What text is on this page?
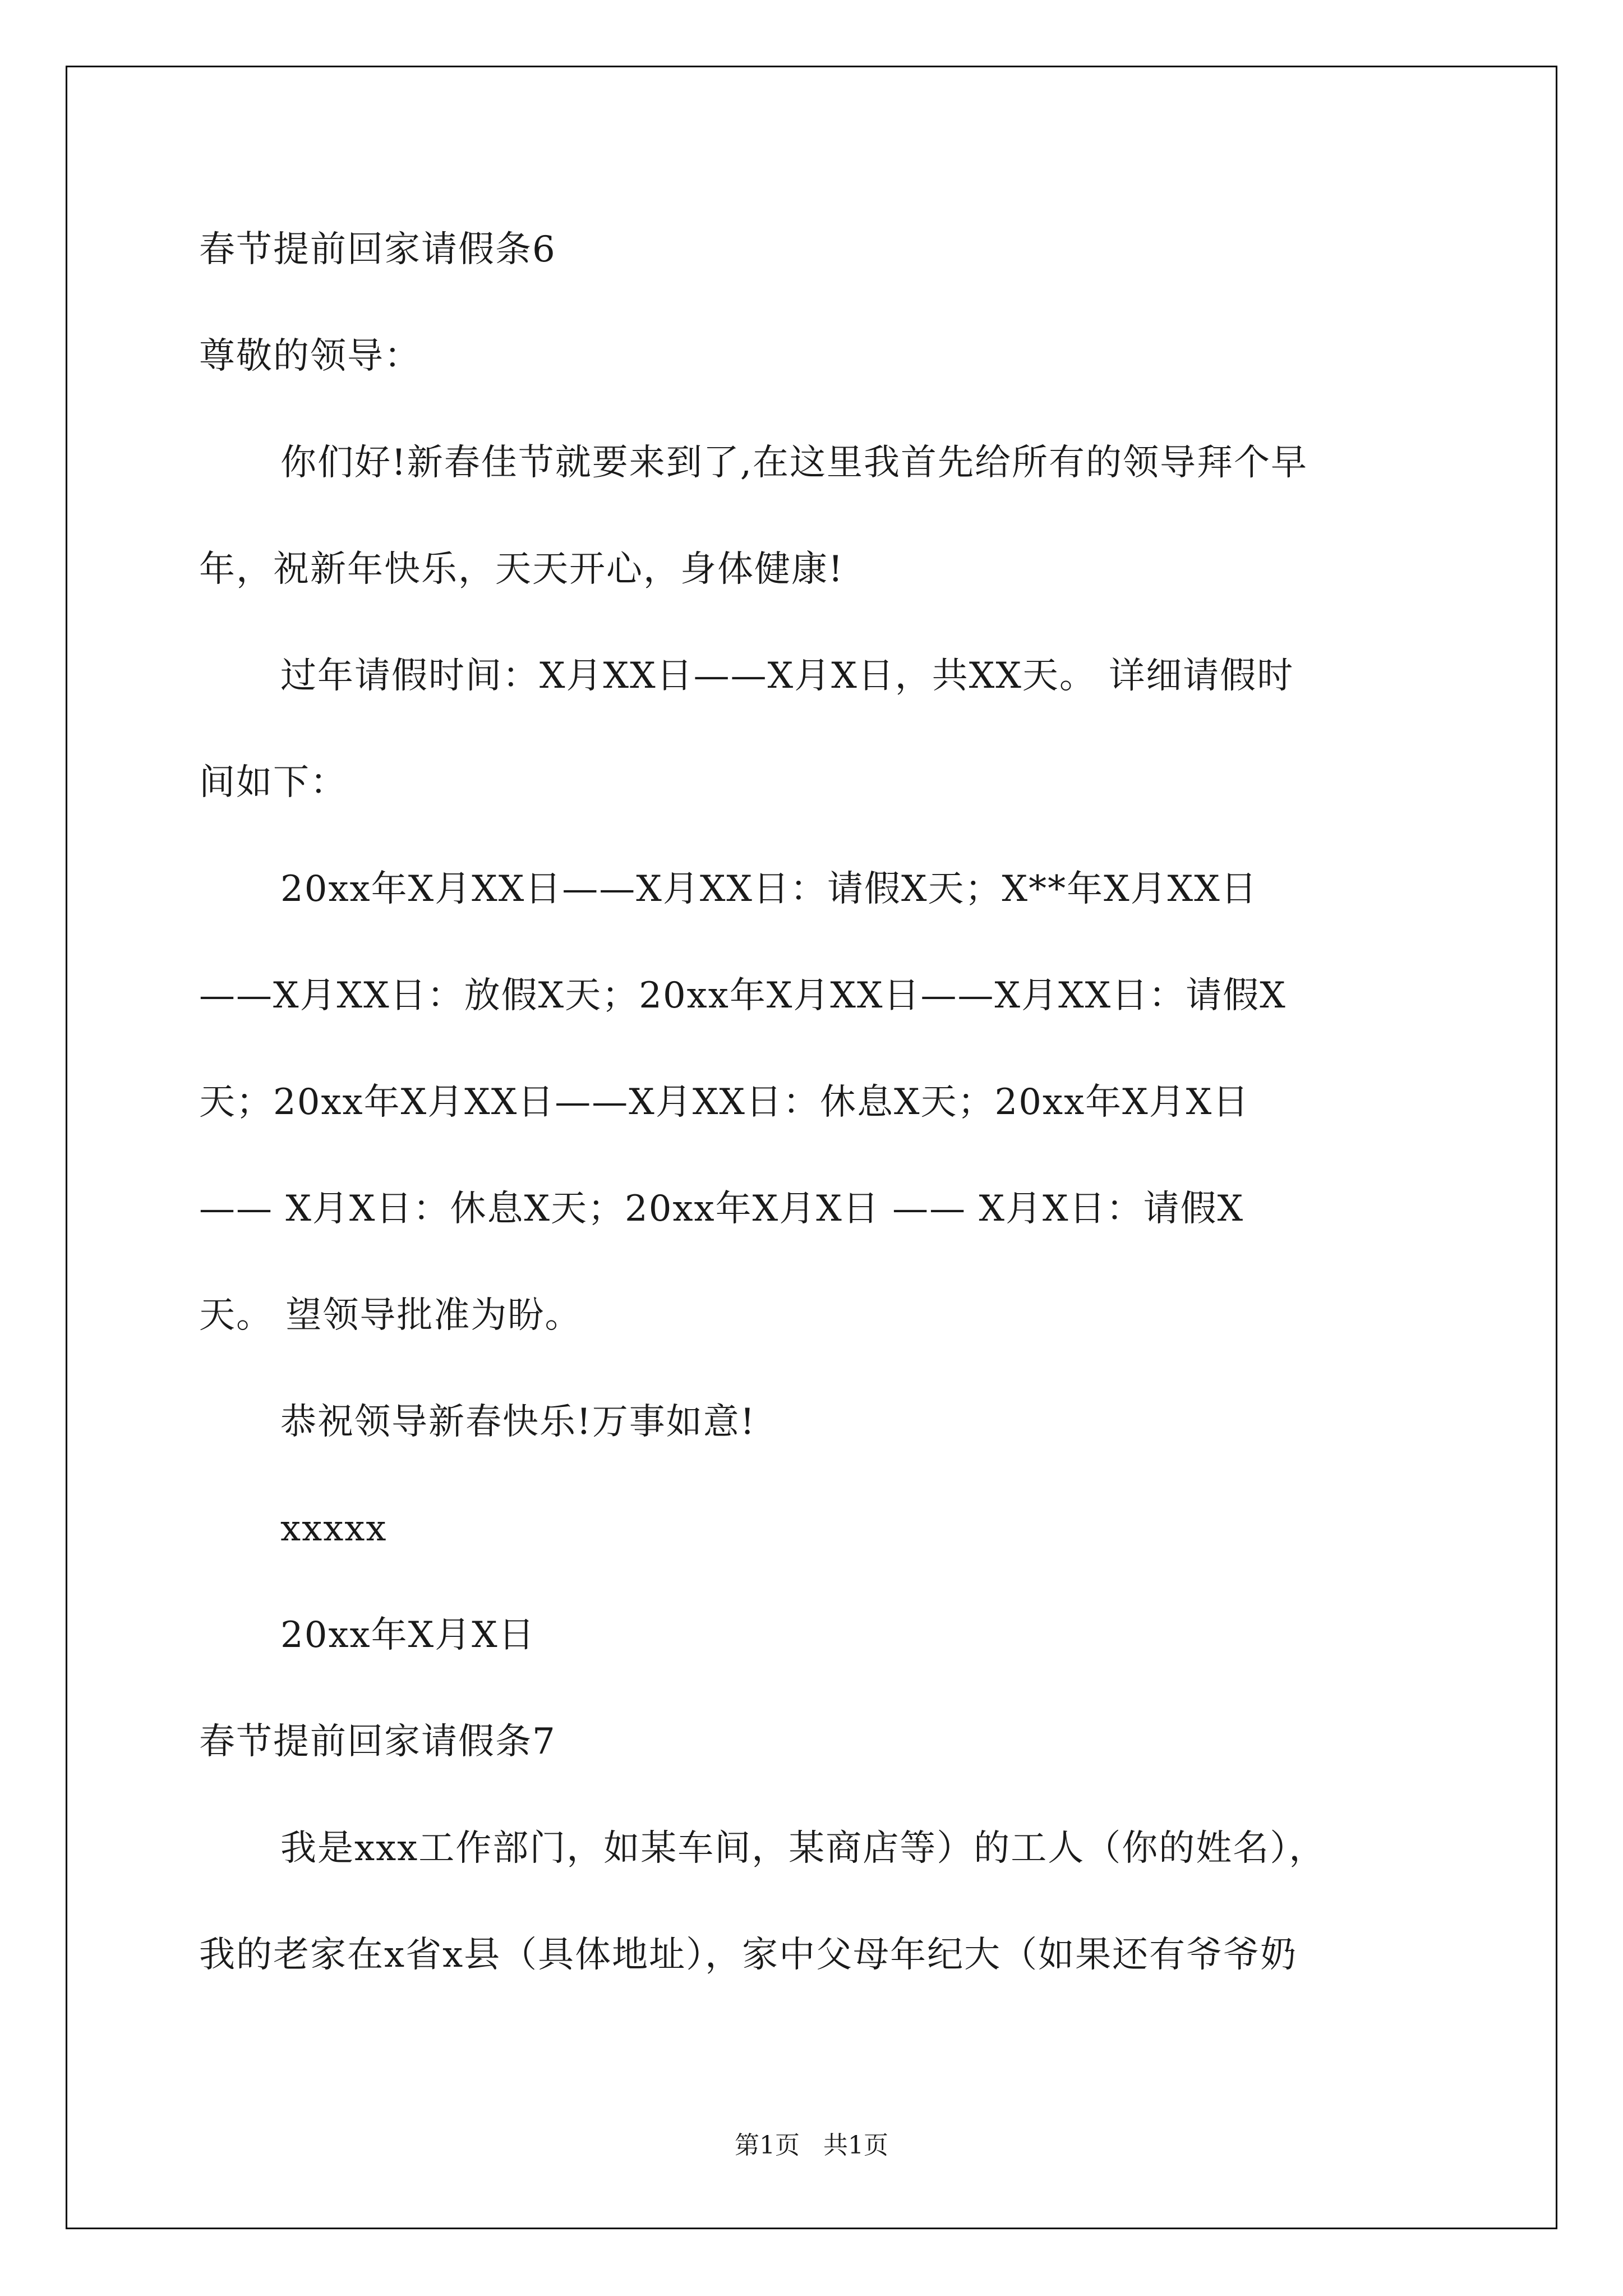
春节提前回家请假条6
尊敬的领导：
你们好!新春佳节就要来到了,在这里我首先给所有的领导拜个早
年，祝新年快乐，天天开心，身体健康!
过年请假时间：X月XX日——X月X日，共XX天。 详细请假时
间如下：
20xx年X月XX日——X月XX日：请假X天；X**年X月XX日
——X月XX日：放假X天；20xx年X月XX日——X月XX日：请假X
天；20xx年X月XX日——X月XX日：休息X天；20xx年X月X日
—— X月X日：休息X天；20xx年X月X日 —— X月X日：请假X
天。 望领导批准为盼。
恭祝领导新春快乐!万事如意!
xxxxx
20xx年X月X日
春节提前回家请假条7
我是xxx工作部门，如某车间，某商店等）的工人（你的姓名），
我的老家在x省x县（具体地址），家中父母年纪大（如果还有爷爷奶
第1页   共1页
